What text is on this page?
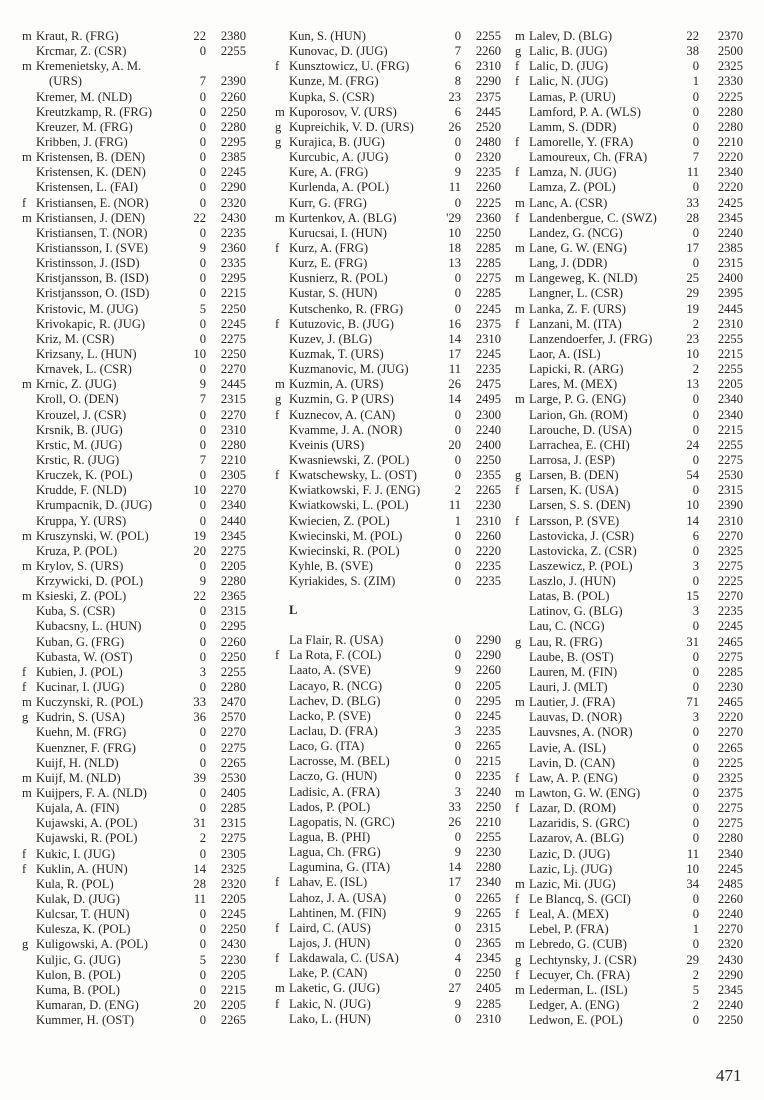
m Kraut, R. (FRG)	22	2380
Krcmar, Z. (CSR)	0	2255
m Kremenietsky, A. M.
(URS)	7	2390
Kremer, M. (NLD)	0	2260
Kreutzkamp, R. (FRG)	0	2250
Kreuzer, M. (FRG)	0	2280
Kribben, J. (FRG)	0	2295
m Kristensen, B. (DEN)	0	2385
Kristensen, K. (DEN)	0	2245
Kristensen, L. (FAI)	0	2290
f Kristiansen, E. (NOR)	0	2320
m Kristiansen, J. (DEN)	22	2430
Kristiansen, T. (NOR)	0	2235
Kristiansson, I. (SVE)	9	2360
Kristinsson, J. (ISD)	0	2335
Kristjansson, B. (ISD)	0	2295
Kristjansson, O. (ISD)	0	2215
Kristovic, M. (JUG)	5	2250
Krivokapic, R. (JUG)	0	2245
Kriz, M. (CSR)	0	2275
Krizsany, L. (HUN)	10	2250
Krnavek, L. (CSR)	0	2270
m Krnic, Z. (JUG)	9	2445
Kroll, O. (DEN)	7	2315
Krouzel, J. (CSR)	0	2270
Krsnik, B. (JUG)	0	2310
Krstic, M. (JUG)	0	2280
Krstic, R. (JUG)	7	2210
Kruczek, K. (POL)	0	2305
Krudde, F. (NLD)	10	2270
Krumpacnik, D. (JUG)	0	2340
Kruppa, Y. (URS)	0	2440
m Kruszynski, W. (POL)	19	2345
Kruza, P. (POL)	20	2275
m Krylov, S. (URS)	0	2205
Krzywicki, D. (POL)	9	2280
m Ksieski, Z. (POL)	22	2365
Kuba, S. (CSR)	0	2315
Kubacsny, L. (HUN)	0	2295
Kuban, G. (FRG)	0	2260
Kubasta, W. (OST)	0	2250
f Kubien, J. (POL)	3	2255
f Kucinar, I. (JUG)	0	2280
m Kuczynski, R. (POL)	33	2470
g Kudrin, S. (USA)	36	2570
Kuehn, M. (FRG)	0	2270
Kuenzner, F. (FRG)	0	2275
Kuijf, H. (NLD)	0	2265
m Kuijf, M. (NLD)	39	2530
m Kuijpers, F. A. (NLD)	0	2405
Kujala, A. (FIN)	0	2285
Kujawski, A. (POL)	31	2315
Kujawski, R. (POL)	2	2275
f Kukic, I. (JUG)	0	2305
f Kuklin, A. (HUN)	14	2325
Kula, R. (POL)	28	2320
Kulak, D. (JUG)	11	2205
Kulcsar, T. (HUN)	0	2245
Kulesza, K. (POL)	0	2250
g Kuligowski, A. (POL)	0	2430
Kuljic, G. (JUG)	5	2230
Kulon, B. (POL)	0	2205
Kuma, B. (POL)	0	2215
Kumaran, D. (ENG)	20	2205
Kummer, H. (OST)	0	2265
Kun, S. (HUN)	0	2255
Kunovac, D. (JUG)	7	2260
f Kunsztowicz, U. (FRG)	6	2310
Kunze, M. (FRG)	8	2290
Kupka, S. (CSR)	23	2375
m Kuporosov, V. (URS)	6	2445
g Kupreichik, V. D. (URS)	26	2520
g Kurajica, B. (JUG)	0	2480
Kurcubic, A. (JUG)	0	2320
Kure, A. (FRG)	9	2235
Kurlenda, A. (POL)	11	2260
Kurr, G. (FRG)	0	2225
m Kurtenkov, A. (BLG)	'29	2360
Kurucsai, I. (HUN)	10	2250
f Kurz, A. (FRG)	18	2285
Kurz, E. (FRG)	13	2285
Kusnierz, R. (POL)	0	2275
Kustar, S. (HUN)	0	2285
Kutschenko, R. (FRG)	0	2245
f Kutuzovic, B. (JUG)	16	2375
Kuzev, J. (BLG)	14	2310
Kuzmak, T. (URS)	17	2245
Kuzmanovic, M. (JUG)	11	2235
m Kuzmin, A. (URS)	26	2475
g Kuzmin, G. P (URS)	14	2495
f Kuznecov, A. (CAN)	0	2300
Kvamme, J. A. (NOR)	0	2240
Kveinis (URS)	20	2400
Kwasniewski, Z. (POL)	0	2250
f Kwatschewsky, L. (OST)	0	2355
Kwiatkowski, F. J. (ENG)	2	2265
Kwiatkowski, L. (POL)	11	2230
Kwiecien, Z. (POL)	1	2310
Kwiecinski, M. (POL)	0	2260
Kwiecinski, R. (POL)	0	2220
Kyhle, B. (SVE)	0	2235
Kyriakides, S. (ZIM)	0	2235
L
La Flair, R. (USA)	0	2290
f La Rota, F. (COL)	0	2290
Laato, A. (SVE)	9	2260
Lacayo, R. (NCG)	0	2205
Lachev, D. (BLG)	0	2295
Lacko, P. (SVE)	0	2245
Laclau, D. (FRA)	3	2235
Laco, G. (ITA)	0	2265
Lacrosse, M. (BEL)	0	2215
Laczo, G. (HUN)	0	2235
Ladisic, A. (FRA)	3	2240
Lados, P. (POL)	33	2250
Lagopatis, N. (GRC)	26	2210
Lagua, B. (PHI)	0	2255
Lagua, Ch. (FRG)	9	2230
Lagumina, G. (ITA)	14	2280
f Lahav, E. (ISL)	17	2340
Lahoz, J. A. (USA)	0	2265
Lahtinen, M. (FIN)	9	2265
f Laird, C. (AUS)	0	2315
Lajos, J. (HUN)	0	2365
f Lakdawala, C. (USA)	4	2345
Lake, P. (CAN)	0	2250
m Laketic, G. (JUG)	27	2405
f Lakic, N. (JUG)	9	2285
Lako, L. (HUN)	0	2310
m Lalev, D. (BLG)	22	2370
g Lalic, B. (JUG)	38	2500
f Lalic, D. (JUG)	0	2325
f Lalic, N. (JUG)	1	2330
Lamas, P. (URU)	0	2225
Lamford, P. A. (WLS)	0	2280
Lamm, S. (DDR)	0	2280
f Lamorelle, Y. (FRA)	0	2210
Lamoureux, Ch. (FRA)	7	2220
f Lamza, N. (JUG)	11	2340
Lamza, Z. (POL)	0	2220
m Lanc, A. (CSR)	33	2425
f Landenbergue, C. (SWZ)	28	2345
Landez, G. (NCG)	0	2240
m Lane, G. W. (ENG)	17	2385
Lang, J. (DDR)	0	2315
m Langeweg, K. (NLD)	25	2400
Langner, L. (CSR)	29	2395
m Lanka, Z. F. (URS)	19	2445
f Lanzani, M. (ITA)	2	2310
Lanzendoerfer, J. (FRG)	23	2255
Laor, A. (ISL)	10	2215
Lapicki, R. (ARG)	2	2255
Lares, M. (MEX)	13	2205
m Large, P. G. (ENG)	0	2340
Larion, Gh. (ROM)	0	2340
Larouche, D. (USA)	0	2215
Larrachea, E. (CHI)	24	2255
Larrosa, J. (ESP)	0	2275
g Larsen, B. (DEN)	54	2530
f Larsen, K. (USA)	0	2315
Larsen, S. S. (DEN)	10	2390
f Larsson, P. (SVE)	14	2310
Lastovicka, J. (CSR)	6	2270
Lastovicka, Z. (CSR)	0	2325
Laszewicz, P. (POL)	3	2275
Laszlo, J. (HUN)	0	2225
Latas, B. (POL)	15	2270
Latinov, G. (BLG)	3	2235
Lau, C. (NCG)	0	2245
g Lau, R. (FRG)	31	2465
Laube, B. (OST)	0	2275
Lauren, M. (FIN)	0	2285
Lauri, J. (MLT)	0	2230
m Lautier, J. (FRA)	71	2465
Lauvas, D. (NOR)	3	2220
Lauvsnes, A. (NOR)	0	2270
Lavie, A. (ISL)	0	2265
Lavin, D. (CAN)	0	2225
f Law, A. P. (ENG)	0	2325
m Lawton, G. W. (ENG)	0	2375
f Lazar, D. (ROM)	0	2275
Lazaridis, S. (GRC)	0	2275
Lazarov, A. (BLG)	0	2280
Lazic, D. (JUG)	11	2340
Lazic, Lj. (JUG)	10	2245
m Lazic, Mi. (JUG)	34	2485
f Le Blancq, S. (GCI)	0	2260
f Leal, A. (MEX)	0	2240
Lebel, P. (FRA)	1	2270
m Lebredo, G. (CUB)	0	2320
g Lechtynsky, J. (CSR)	29	2430
f Lecuyer, Ch. (FRA)	2	2290
m Lederman, L. (ISL)	5	2345
Ledger, A. (ENG)	2	2240
Ledwon, E. (POL)	0	2250
471
